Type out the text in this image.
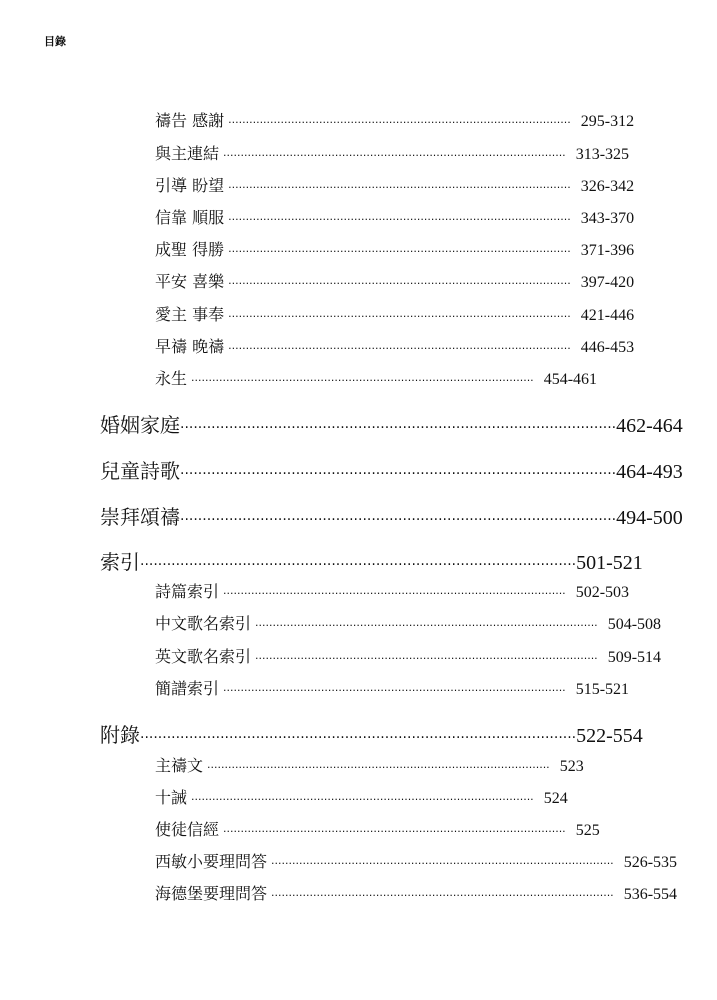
目錄
禱告 感謝 ·································································································· 295-312
與主連結 ·································································································· 313-325
引導 盼望 ·································································································· 326-342
信靠 順服 ·································································································· 343-370
成聖 得勝 ·································································································· 371-396
平安 喜樂 ·································································································· 397-420
愛主 事奉 ·································································································· 421-446
早禱 晚禱 ·································································································· 446-453
永生 ·································································································· 454-461
婚姻家庭 ·································································································· 462-464
兒童詩歌 ·································································································· 464-493
崇拜頌禱 ·································································································· 494-500
索引 ·································································································· 501-521
詩篇索引 ·································································································· 502-503
中文歌名索引 ·································································································· 504-508
英文歌名索引 ·································································································· 509-514
簡譜索引 ·································································································· 515-521
附錄 ·································································································· 522-554
主禱文 ·································································································· 523
十誡 ·································································································· 524
使徒信經 ·································································································· 525
西敏小要理問答 ·································································································· 526-535
海德堡要理問答 ·································································································· 536-554
